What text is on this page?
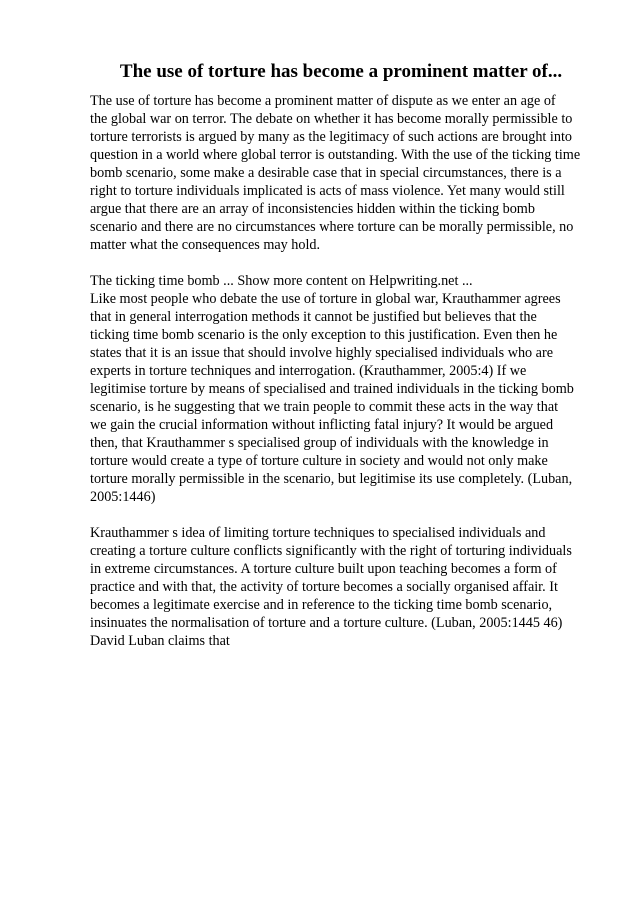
The use of torture has become a prominent matter of...
The use of torture has become a prominent matter of dispute as we enter an age of
the global war on terror. The debate on whether it has become morally permissible to
torture terrorists is argued by many as the legitimacy of such actions are brought into
question in a world where global terror is outstanding. With the use of the ticking time
bomb scenario, some make a desirable case that in special circumstances, there is a
right to torture individuals implicated is acts of mass violence. Yet many would still
argue that there are an array of inconsistencies hidden within the ticking bomb
scenario and there are no circumstances where torture can be morally permissible, no
matter what the consequences may hold.
The ticking time bomb ... Show more content on Helpwriting.net ...
Like most people who debate the use of torture in global war, Krauthammer agrees
that in general interrogation methods it cannot be justified but believes that the
ticking time bomb scenario is the only exception to this justification. Even then he
states that it is an issue that should involve highly specialised individuals who are
experts in torture techniques and interrogation. (Krauthammer, 2005:4) If we
legitimise torture by means of specialised and trained individuals in the ticking bomb
scenario, is he suggesting that we train people to commit these acts in the way that
we gain the crucial information without inflicting fatal injury? It would be argued
then, that Krauthammer s specialised group of individuals with the knowledge in
torture would create a type of torture culture in society and would not only make
torture morally permissible in the scenario, but legitimise its use completely. (Luban,
2005:1446)
Krauthammer s idea of limiting torture techniques to specialised individuals and
creating a torture culture conflicts significantly with the right of torturing individuals
in extreme circumstances. A torture culture built upon teaching becomes a form of
practice and with that, the activity of torture becomes a socially organised affair. It
becomes a legitimate exercise and in reference to the ticking time bomb scenario,
insinuates the normalisation of torture and a torture culture. (Luban, 2005:1445 46)
David Luban claims that
